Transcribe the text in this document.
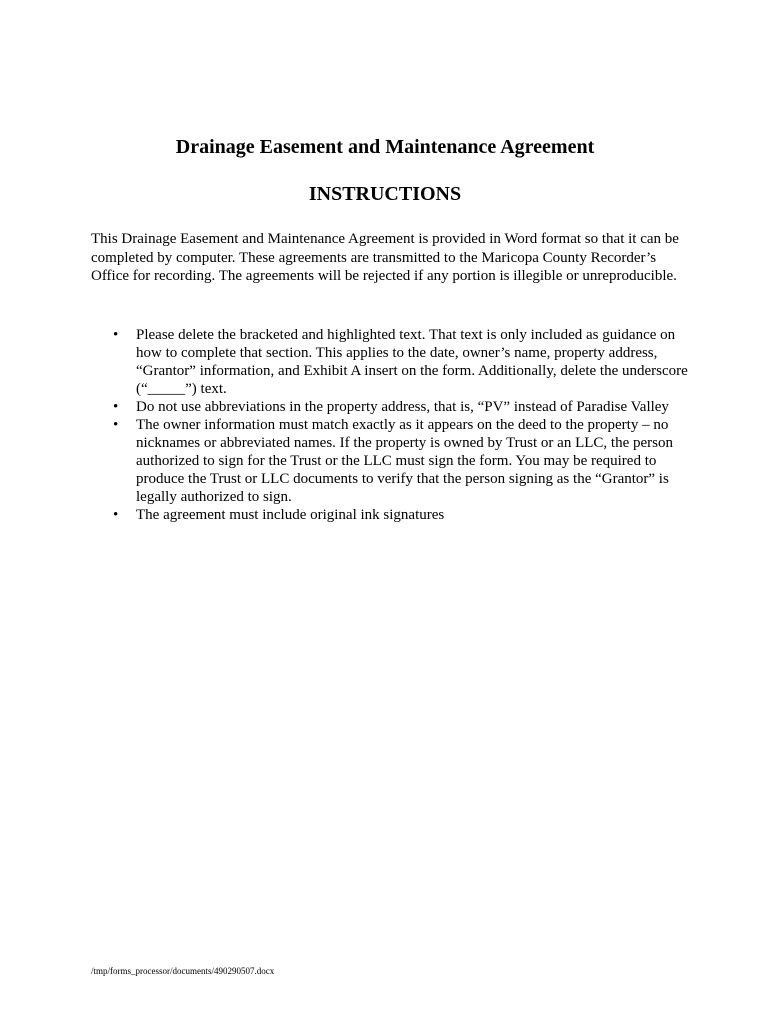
Drainage Easement and Maintenance Agreement
INSTRUCTIONS

This Drainage Easement and Maintenance Agreement is provided in Word format so that it can be completed by computer. These agreements are transmitted to the Maricopa County Recorder’s Office for recording. The agreements will be rejected if any portion is illegible or unreproducible.

• Please delete the bracketed and highlighted text. That text is only included as guidance on how to complete that section. This applies to the date, owner’s name, property address, “Grantor” information, and Exhibit A insert on the form. Additionally, delete the underscore (“_____”) text.
• Do not use abbreviations in the property address, that is, “PV” instead of Paradise Valley
• The owner information must match exactly as it appears on the deed to the property – no nicknames or abbreviated names. If the property is owned by Trust or an LLC, the person authorized to sign for the Trust or the LLC must sign the form. You may be required to produce the Trust or LLC documents to verify that the person signing as the “Grantor” is legally authorized to sign.
• The agreement must include original ink signatures
/tmp/forms_processor/documents/490290507.docx
